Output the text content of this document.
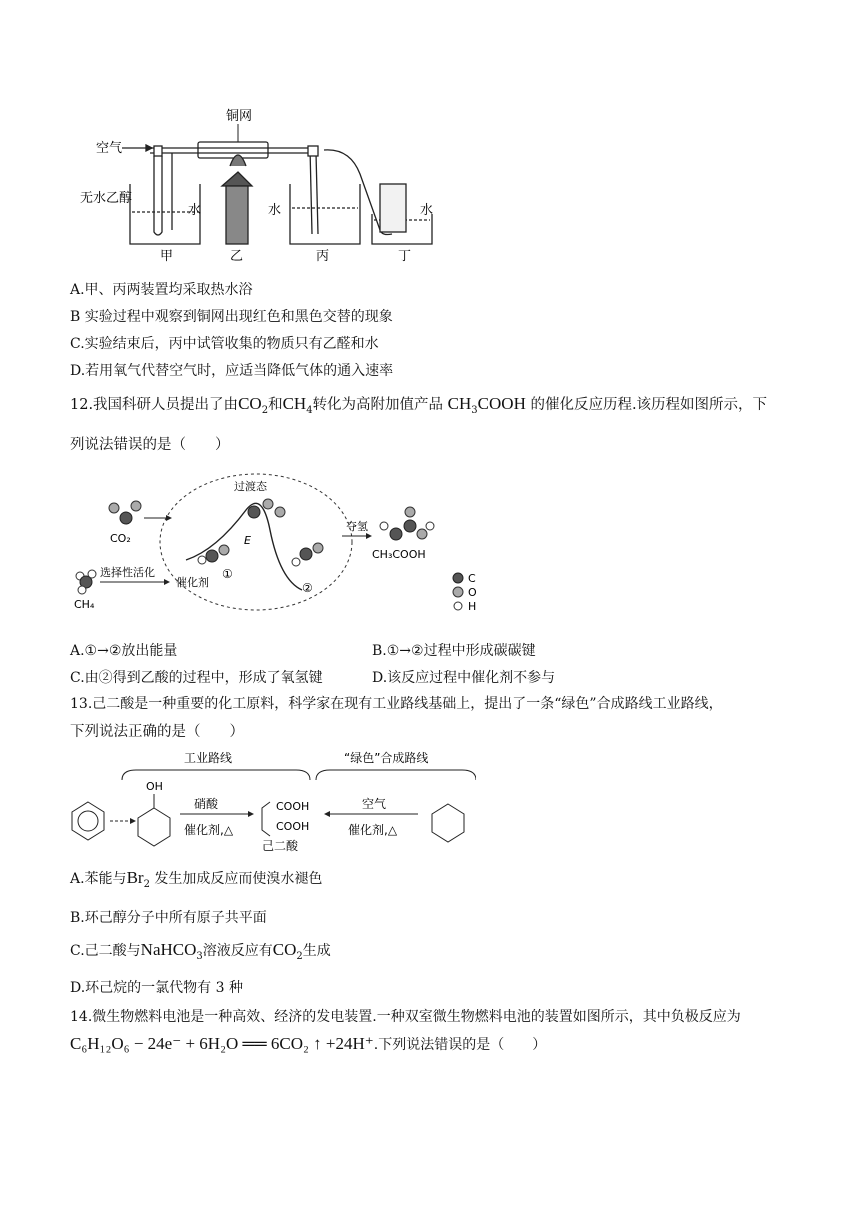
空气
铜网
无水乙醇
水	水	水
甲	乙	丙	丁
A.甲、丙两装置均采取热水浴
B 实验过程中观察到铜网出现红色和黑色交替的现象
C.实验结束后，丙中试管收集的物质只有乙醛和水
D.若用氧气代替空气时，应适当降低气体的通入速率
12.我国科研人员提出了由$CO_2$和$CH_4$转化为高附加值产品 $CH_3COOH$ 的催化反应历程.该历程如图所示，下
列说法错误的是（　　）
CO₂
CH₄
选择性活化
过渡态
E
催化剂
①
②
夺氢
CH₃COOH
C
O
H
A.①→②放出能量	B.①→②过程中形成碳碳键
C.由②得到乙酸的过程中，形成了氧氢键	D.该反应过程中催化剂不参与
13.己二酸是一种重要的化工原料，科学家在现有工业路线基础上，提出了一条“绿色”合成路线工业路线，
下列说法正确的是（　　）
工业路线	“绿色”合成路线
OH
硝酸
催化剂,△
COOH
COOH
己二酸
空气
催化剂,△
A.苯能与$Br_2$ 发生加成反应而使溴水褪色
B.环己醇分子中所有原子共平面
C.己二酸与NaHCO$_3$溶液反应有$CO_2$生成
D.环己烷的一氯代物有 3 种
14.微生物燃料电池是一种高效、经济的发电装置.一种双室微生物燃料电池的装置如图所示，其中负极反应为
C₆H₁₂O₆ − 24e⁻ + 6H₂O ══ 6CO₂ ↑ +24H⁺.下列说法错误的是（　　）
